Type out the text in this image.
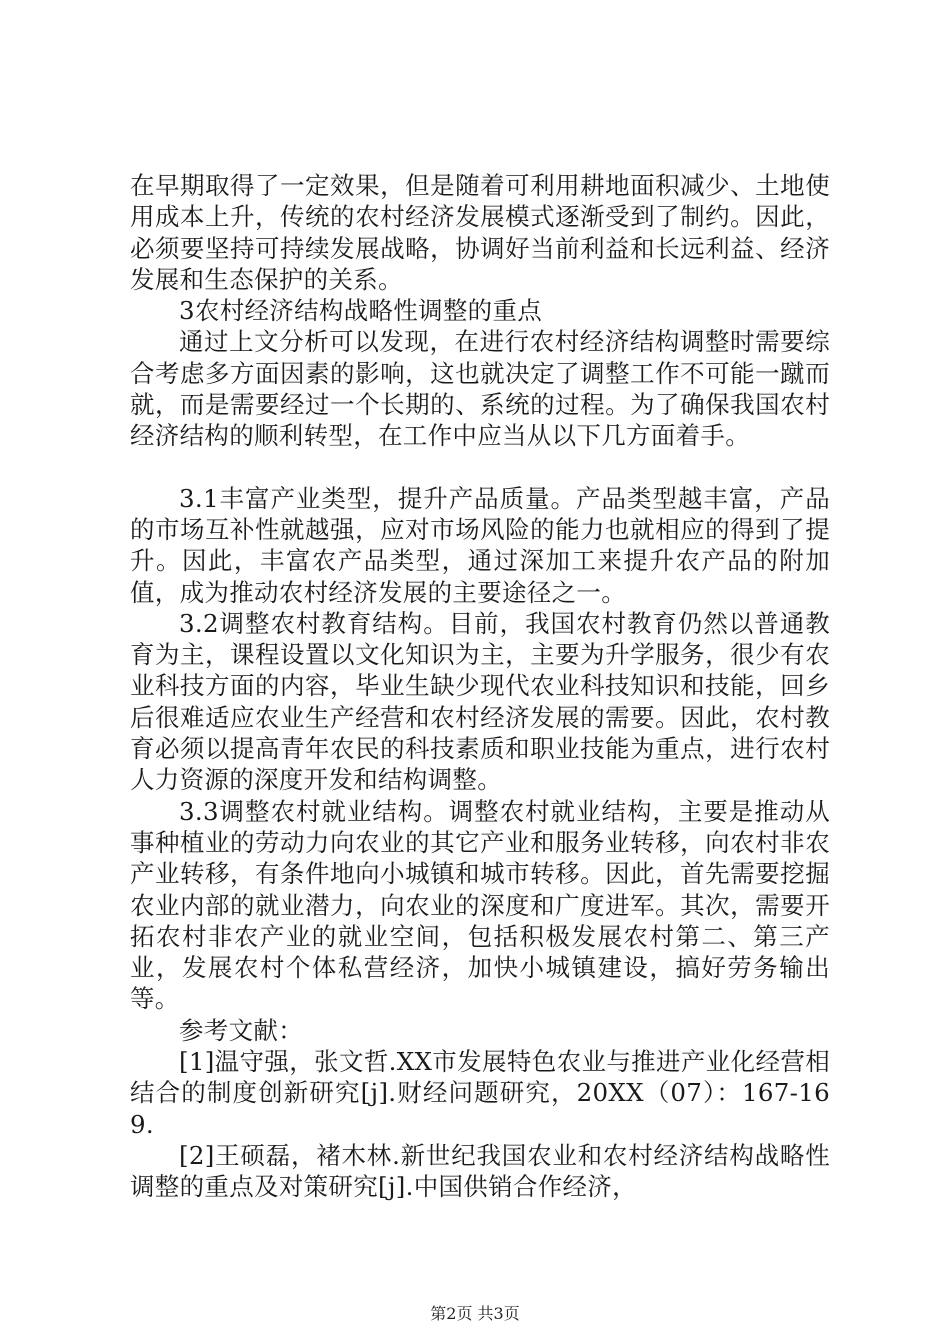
在早期取得了一定效果，但是随着可利用耕地面积减少、土地使用成本上升，传统的农村经济发展模式逐渐受到了制约。因此，必须要坚持可持续发展战略，协调好当前利益和长远利益、经济发展和生态保护的关系。

3农村经济结构战略性调整的重点

通过上文分析可以发现，在进行农村经济结构调整时需要综合考虑多方面因素的影响，这也就决定了调整工作不可能一蹴而就，而是需要经过一个长期的、系统的过程。为了确保我国农村经济结构的顺利转型，在工作中应当从以下几方面着手。

3.1丰富产业类型，提升产品质量。产品类型越丰富，产品的市场互补性就越强，应对市场风险的能力也就相应的得到了提升。因此，丰富农产品类型，通过深加工来提升农产品的附加值，成为推动农村经济发展的主要途径之一。

3.2调整农村教育结构。目前，我国农村教育仍然以普通教育为主，课程设置以文化知识为主，主要为升学服务，很少有农业科技方面的内容，毕业生缺少现代农业科技知识和技能，回乡后很难适应农业生产经营和农村经济发展的需要。因此，农村教育必须以提高青年农民的科技素质和职业技能为重点，进行农村人力资源的深度开发和结构调整。

3.3调整农村就业结构。调整农村就业结构，主要是推动从事种植业的劳动力向农业的其它产业和服务业转移，向农村非农产业转移，有条件地向小城镇和城市转移。因此，首先需要挖掘农业内部的就业潜力，向农业的深度和广度进军。其次，需要开拓农村非农产业的就业空间，包括积极发展农村第二、第三产业，发展农村个体私营经济，加快小城镇建设，搞好劳务输出等。

参考文献：

[1]温守强，张文哲.XX市发展特色农业与推进产业化经营相结合的制度创新研究[j].财经问题研究，20XX（07）：167-169.

[2]王硕磊，褚木林.新世纪我国农业和农村经济结构战略性调整的重点及对策研究[j].中国供销合作经济，

第2页 共3页
